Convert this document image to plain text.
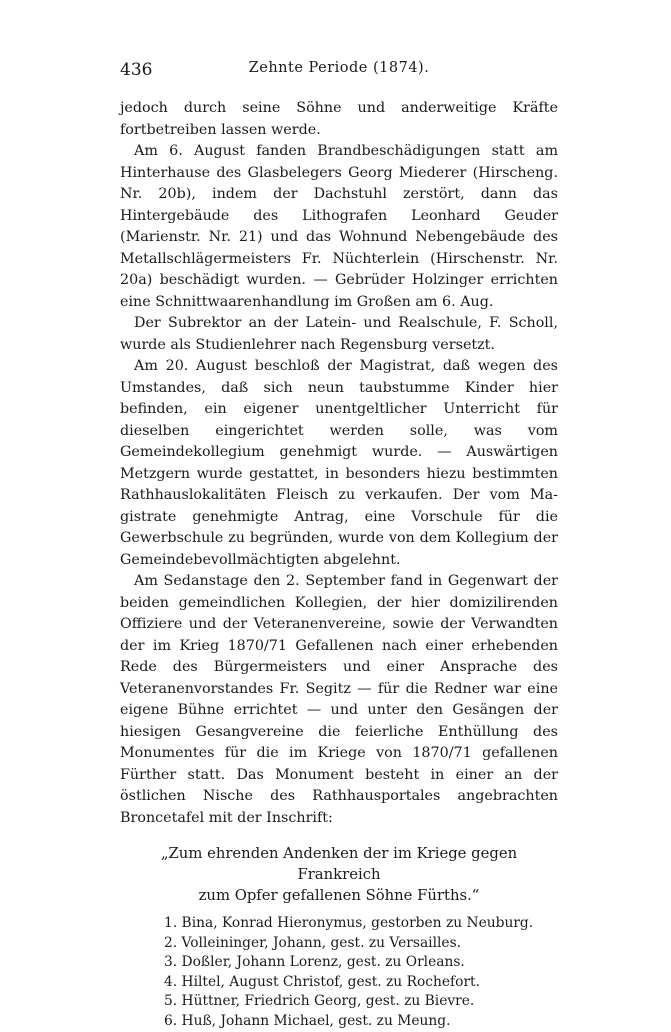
436	Zehnte Periode (1874).

jedoch durch seine Söhne und anderweitige Kräfte fortbetreiben lassen werde.

Am 6. August fanden Brandbeschädigungen statt am Hinterhause des Glasbelegers Georg Miederer (Hirscheng. Nr. 20b), indem der Dachstuhl zerstört, dann das Hintergebäude des Lithografen Leonhard Geuder (Marienstr. Nr. 21) und das Wohnund Nebengebäude des Metallschlägermeisters Fr. Nüchterlein (Hirschenstr. Nr. 20a) beschädigt wurden. — Gebrüder Holzinger errichten eine Schnittwaarenhandlung im Großen am 6. Aug.

Der Subrektor an der Latein- und Realschule, F. Scholl, wurde als Studienlehrer nach Regensburg versetzt.

Am 20. August beschloß der Magistrat, daß wegen des Umstandes, daß sich neun taubstumme Kinder hier befinden, ein eigener unentgeltlicher Unterricht für dieselben eingerichtet werden solle, was vom Gemeindekollegium genehmigt wurde. — Auswärtigen Metzgern wurde gestattet, in besonders hiezu bestimmten Rathhauslokalitäten Fleisch zu verkaufen. Der vom Magistrate genehmigte Antrag, eine Vorschule für die Gewerbschule zu begründen, wurde von dem Kollegium der Gemeindebevollmächtigten abgelehnt.

Am Sedanstage den 2. September fand in Gegenwart der beiden gemeindlichen Kollegien, der hier domizilirenden Offiziere und der Veteranenvereine, sowie der Verwandten der im Krieg 1870/71 Gefallenen nach einer erhebenden Rede des Bürgermeisters und einer Ansprache des Veteranenvorstandes Fr. Segitz — für die Redner war eine eigene Bühne errichtet — und unter den Gesängen der hiesigen Gesangvereine die feierliche Enthüllung des Monumentes für die im Kriege von 1870/71 gefallenen Fürther statt. Das Monument besteht in einer an der östlichen Nische des Rathhausportales angebrachten Broncetafel mit der Inschrift:

„Zum ehrenden Andenken der im Kriege gegen Frankreich
zum Opfer gefallenen Söhne Fürths.“
1. Bina, Konrad Hieronymus, gestorben zu Neuburg.
2. Volleininger, Johann, gest. zu Versailles.
3. Doßler, Johann Lorenz, gest. zu Orleans.
4. Hiltel, August Christof, gest. zu Rochefort.
5. Hüttner, Friedrich Georg, gest. zu Bievre.
6. Huß, Johann Michael, gest. zu Meung.
